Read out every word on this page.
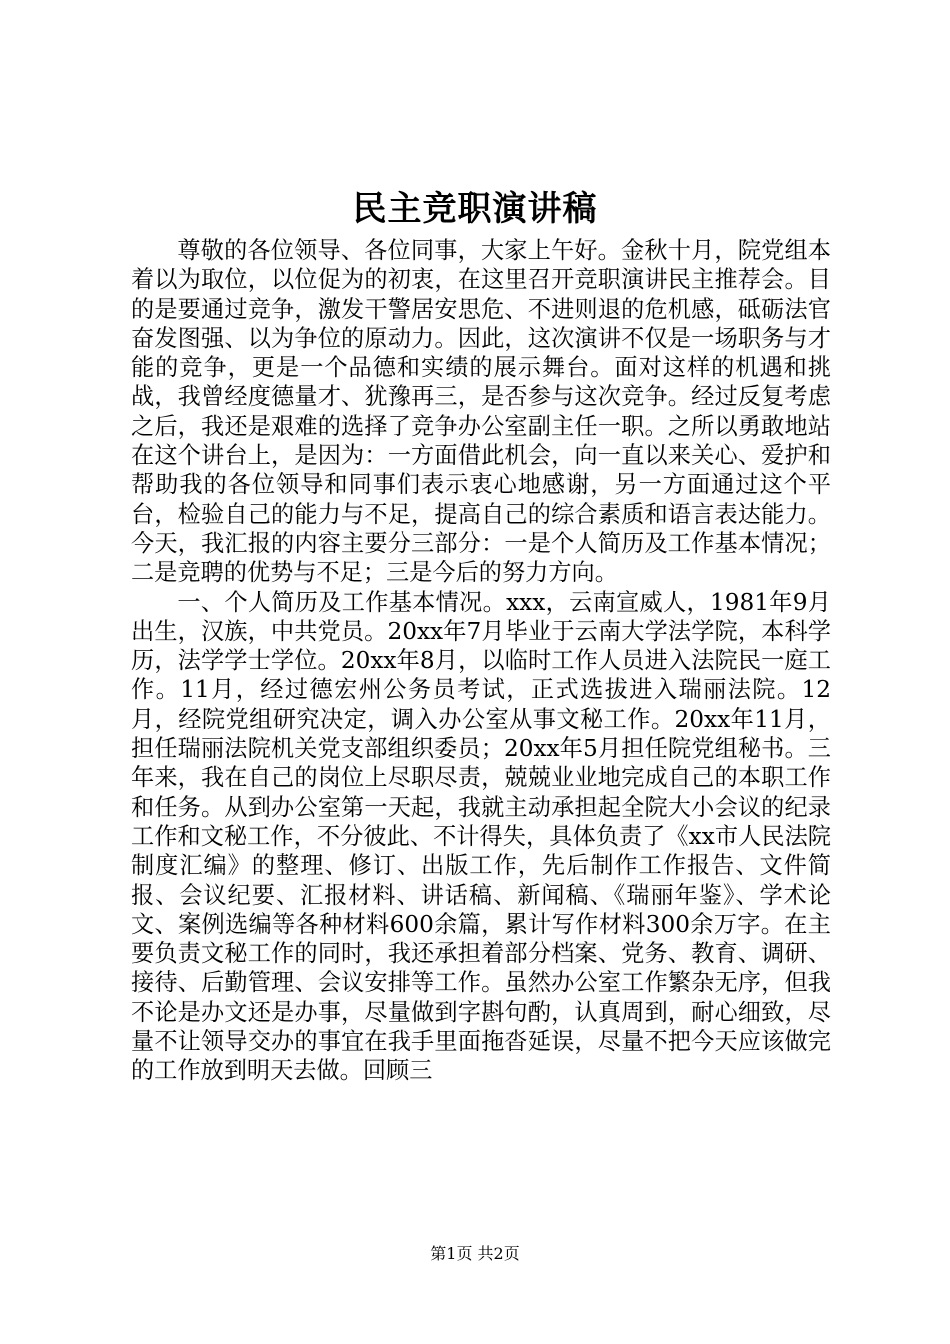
民主竞职演讲稿

尊敬的各位领导、各位同事，大家上午好。金秋十月，院党组本着以为取位，以位促为的初衷，在这里召开竞职演讲民主推荐会。目的是要通过竞争，激发干警居安思危、不进则退的危机感，砥砺法官奋发图强、以为争位的原动力。因此，这次演讲不仅是一场职务与才能的竞争，更是一个品德和实绩的展示舞台。面对这样的机遇和挑战，我曾经度德量才、犹豫再三，是否参与这次竞争。经过反复考虑之后，我还是艰难的选择了竞争办公室副主任一职。之所以勇敢地站在这个讲台上，是因为：一方面借此机会，向一直以来关心、爱护和帮助我的各位领导和同事们表示衷心地感谢，另一方面通过这个平台，检验自己的能力与不足，提高自己的综合素质和语言表达能力。今天，我汇报的内容主要分三部分：一是个人简历及工作基本情况；二是竞聘的优势与不足；三是今后的努力方向。

一、个人简历及工作基本情况。xxx，云南宣威人，1981年9月出生，汉族，中共党员。20xx年7月毕业于云南大学法学院，本科学历，法学学士学位。20xx年8月，以临时工作人员进入法院民一庭工作。11月，经过德宏州公务员考试，正式选拔进入瑞丽法院。12月，经院党组研究决定，调入办公室从事文秘工作。20xx年11月，担任瑞丽法院机关党支部组织委员；20xx年5月担任院党组秘书。三年来，我在自己的岗位上尽职尽责，兢兢业业地完成自己的本职工作和任务。从到办公室第一天起，我就主动承担起全院大小会议的纪录工作和文秘工作，不分彼此、不计得失，具体负责了《xx市人民法院制度汇编》的整理、修订、出版工作，先后制作工作报告、文件简报、会议纪要、汇报材料、讲话稿、新闻稿、《瑞丽年鉴》、学术论文、案例选编等各种材料600余篇，累计写作材料300余万字。在主要负责文秘工作的同时，我还承担着部分档案、党务、教育、调研、接待、后勤管理、会议安排等工作。虽然办公室工作繁杂无序，但我不论是办文还是办事，尽量做到字斟句酌，认真周到，耐心细致，尽量不让领导交办的事宜在我手里面拖沓延误，尽量不把今天应该做完的工作放到明天去做。回顾三

第1页 共2页
